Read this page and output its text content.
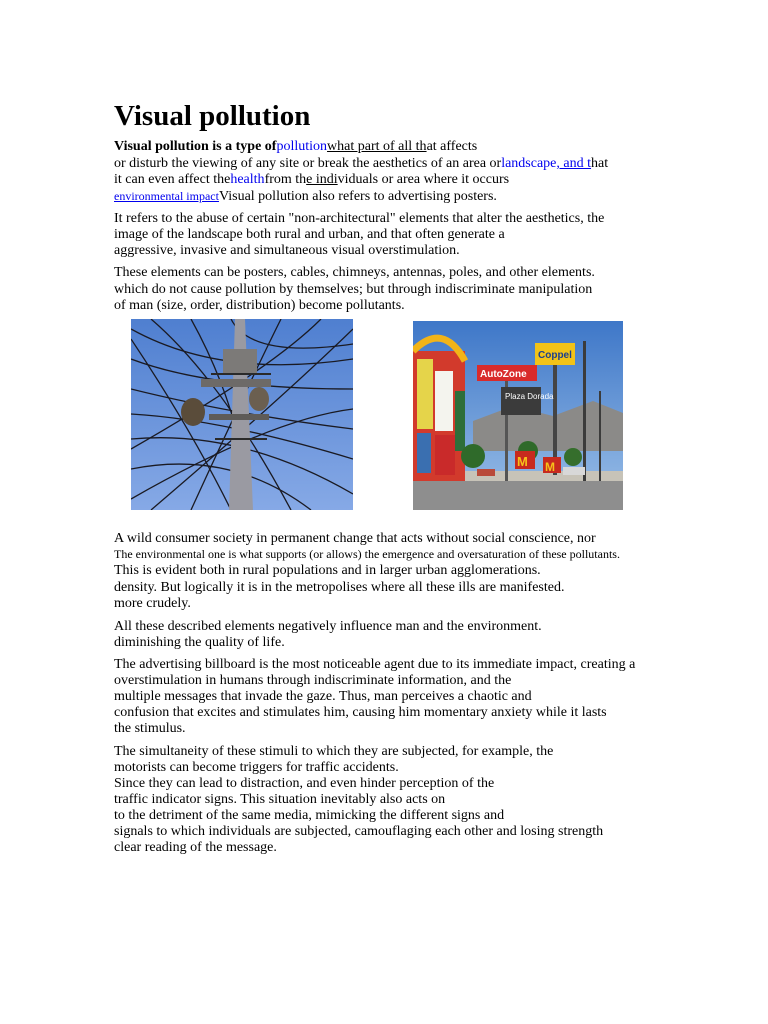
Visual pollution
Visual pollution is a type ofpollutionwhat part of all that affects
or disturb the viewing of any site or break the aesthetics of an area orlandscape, and that
it can even affect thehealthfrom the individuals or area where it occurs
environmental impactVisual pollution also refers to advertising posters.
It refers to the abuse of certain "non-architectural" elements that alter the aesthetics, the
image of the landscape both rural and urban, and that often generate a
aggressive, invasive and simultaneous visual overstimulation.
These elements can be posters, cables, chimneys, antennas, poles, and other elements.
which do not cause pollution by themselves; but through indiscriminate manipulation
of man (size, order, distribution) become pollutants.
AutoZone
Coppel
Plaza Dorada
M M
A wild consumer society in permanent change that acts without social conscience, nor
The environmental one is what supports (or allows) the emergence and oversaturation of these pollutants.
This is evident both in rural populations and in larger urban agglomerations.
density. But logically it is in the metropolises where all these ills are manifested.
more crudely.
All these described elements negatively influence man and the environment.
diminishing the quality of life.
The advertising billboard is the most noticeable agent due to its immediate impact, creating a
overstimulation in humans through indiscriminate information, and the
multiple messages that invade the gaze. Thus, man perceives a chaotic and
confusion that excites and stimulates him, causing him momentary anxiety while it lasts
the stimulus.
The simultaneity of these stimuli to which they are subjected, for example, the
motorists can become triggers for traffic accidents.
Since they can lead to distraction, and even hinder perception of the
traffic indicator signs. This situation inevitably also acts on
to the detriment of the same media, mimicking the different signs and
signals to which individuals are subjected, camouflaging each other and losing strength
clear reading of the message.
